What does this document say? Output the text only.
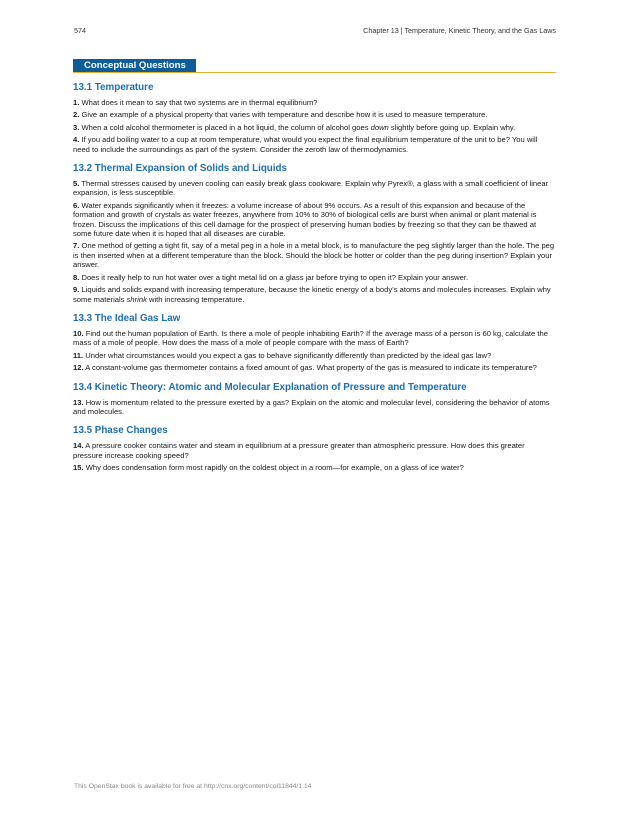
574	Chapter 13 | Temperature, Kinetic Theory, and the Gas Laws
Conceptual Questions
13.1 Temperature
1. What does it mean to say that two systems are in thermal equilibrium?
2. Give an example of a physical property that varies with temperature and describe how it is used to measure temperature.
3. When a cold alcohol thermometer is placed in a hot liquid, the column of alcohol goes down slightly before going up. Explain why.
4. If you add boiling water to a cup at room temperature, what would you expect the final equilibrium temperature of the unit to be? You will need to include the surroundings as part of the system. Consider the zeroth law of thermodynamics.
13.2 Thermal Expansion of Solids and Liquids
5. Thermal stresses caused by uneven cooling can easily break glass cookware. Explain why Pyrex®, a glass with a small coefficient of linear expansion, is less susceptible.
6. Water expands significantly when it freezes: a volume increase of about 9% occurs. As a result of this expansion and because of the formation and growth of crystals as water freezes, anywhere from 10% to 30% of biological cells are burst when animal or plant material is frozen. Discuss the implications of this cell damage for the prospect of preserving human bodies by freezing so that they can be thawed at some future date when it is hoped that all diseases are curable.
7. One method of getting a tight fit, say of a metal peg in a hole in a metal block, is to manufacture the peg slightly larger than the hole. The peg is then inserted when at a different temperature than the block. Should the block be hotter or colder than the peg during insertion? Explain your answer.
8. Does it really help to run hot water over a tight metal lid on a glass jar before trying to open it? Explain your answer.
9. Liquids and solids expand with increasing temperature, because the kinetic energy of a body’s atoms and molecules increases. Explain why some materials shrink with increasing temperature.
13.3 The Ideal Gas Law
10. Find out the human population of Earth. Is there a mole of people inhabiting Earth? If the average mass of a person is 60 kg, calculate the mass of a mole of people. How does the mass of a mole of people compare with the mass of Earth?
11. Under what circumstances would you expect a gas to behave significantly differently than predicted by the ideal gas law?
12. A constant-volume gas thermometer contains a fixed amount of gas. What property of the gas is measured to indicate its temperature?
13.4 Kinetic Theory: Atomic and Molecular Explanation of Pressure and Temperature
13. How is momentum related to the pressure exerted by a gas? Explain on the atomic and molecular level, considering the behavior of atoms and molecules.
13.5 Phase Changes
14. A pressure cooker contains water and steam in equilibrium at a pressure greater than atmospheric pressure. How does this greater pressure increase cooking speed?
15. Why does condensation form most rapidly on the coldest object in a room—for example, on a glass of ice water?
This OpenStax book is available for free at http://cnx.org/content/col11844/1.14
